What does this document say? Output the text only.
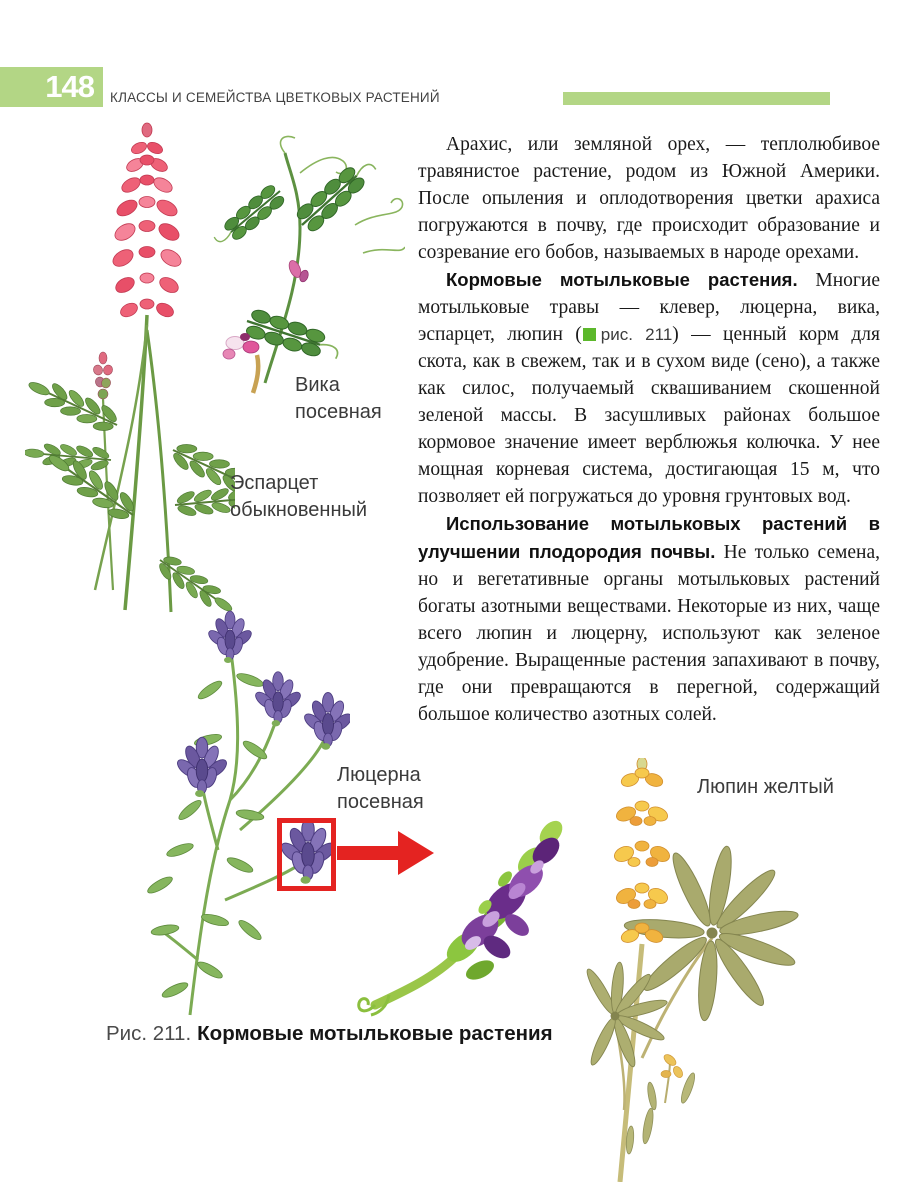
148	КЛАССЫ И СЕМЕЙСТВА ЦВЕТКОВЫХ РАСТЕНИЙ

Арахис, или земляной орех, — теплолюбивое травянистое растение, родом из Южной Америки. После опыления и оплодотворения цветки арахиса погружаются в почву, где происходит образование и созревание его бобов, называемых в народе орехами.

Кормовые мотыльковые растения. Многие мотыльковые травы — клевер, люцерна, вика, эспарцет, люпин ( рис. 211) — ценный корм для скота, как в свежем, так и в сухом виде (сено), а также как силос, получаемый сквашиванием скошенной зеленой массы. В засушливых районах большое кормовое значение имеет верблюжья колючка. У нее мощная корневая система, достигающая 15 м, что позволяет ей погружаться до уровня грунтовых вод.

Использование мотыльковых растений в улучшении плодородия почвы. Не только семена, но и вегетативные органы мотыльковых растений богаты азотными веществами. Некоторые из них, чаще всего люпин и люцерну, используют как зеленое удобрение. Выращенные растения запахивают в почву, где они превращаются в перегной, содержащий большое количество азотных солей.

Вика
посевная
Эспарцет
обыкновенный
Люцерна
посевная
Люпин желтый
Рис. 211. Кормовые мотыльковые растения
